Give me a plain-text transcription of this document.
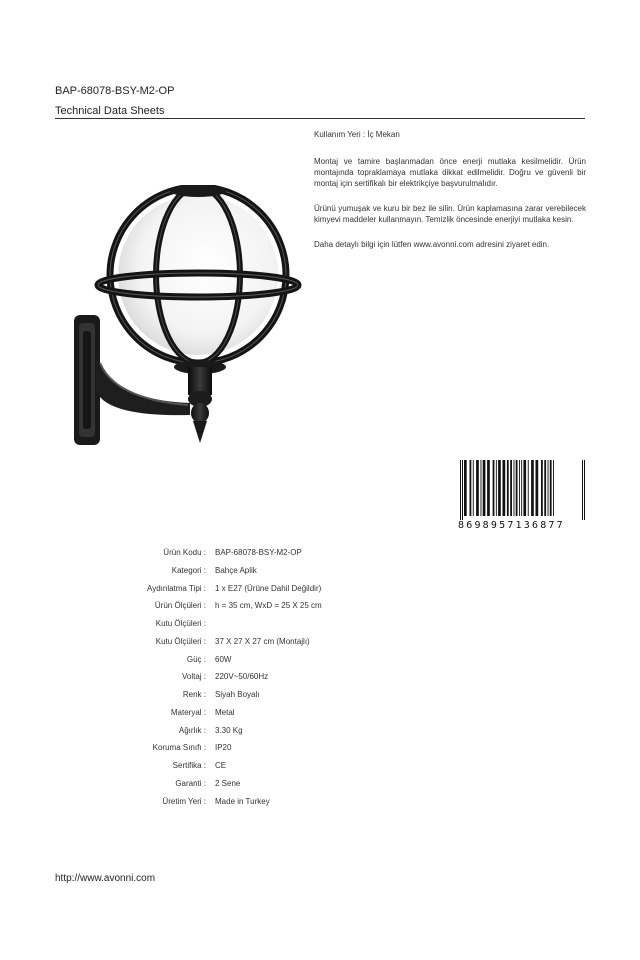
BAP-68078-BSY-M2-OP
Technical Data Sheets

Kullanım Yeri : İç Mekan

Montaj ve tamire başlanmadan önce enerji mutlaka kesilmelidir. Ürün montajında topraklamaya mutlaka dikkat edilmelidir. Doğru ve güvenli bir montaj için sertifikalı bir elektrikçiye başvurulmalıdır.

Ürünü yumuşak ve kuru bir bez ile silin. Ürün kaplamasına zarar verebilecek kimyevi maddeler kullanmayın. Temizlik öncesinde enerjiyi mutlaka kesin.

Daha detaylı bilgi için lütfen www.avonni.com adresini ziyaret edin.

8698957136877
Ürün Kodu : BAP-68078-BSY-M2-OP
Kategori : Bahçe Aplik
Aydınlatma Tipi : 1 x E27 (Ürüne Dahil Değildir)
Ürün Ölçüleri : h = 35 cm, WxD = 25 X 25 cm
Kutu Ölçüleri :
Kutu Ölçüleri : 37 X 27 X 27 cm (Montajlı)
Güç : 60W
Voltaj : 220V~50/60Hz
Renk : Siyah Boyalı
Materyal : Metal
Ağırlık : 3.30 Kg
Koruma Sınıfı : IP20
Sertifika : CE
Garanti : 2 Sene
Üretim Yeri : Made in Turkey
http://www.avonni.com
